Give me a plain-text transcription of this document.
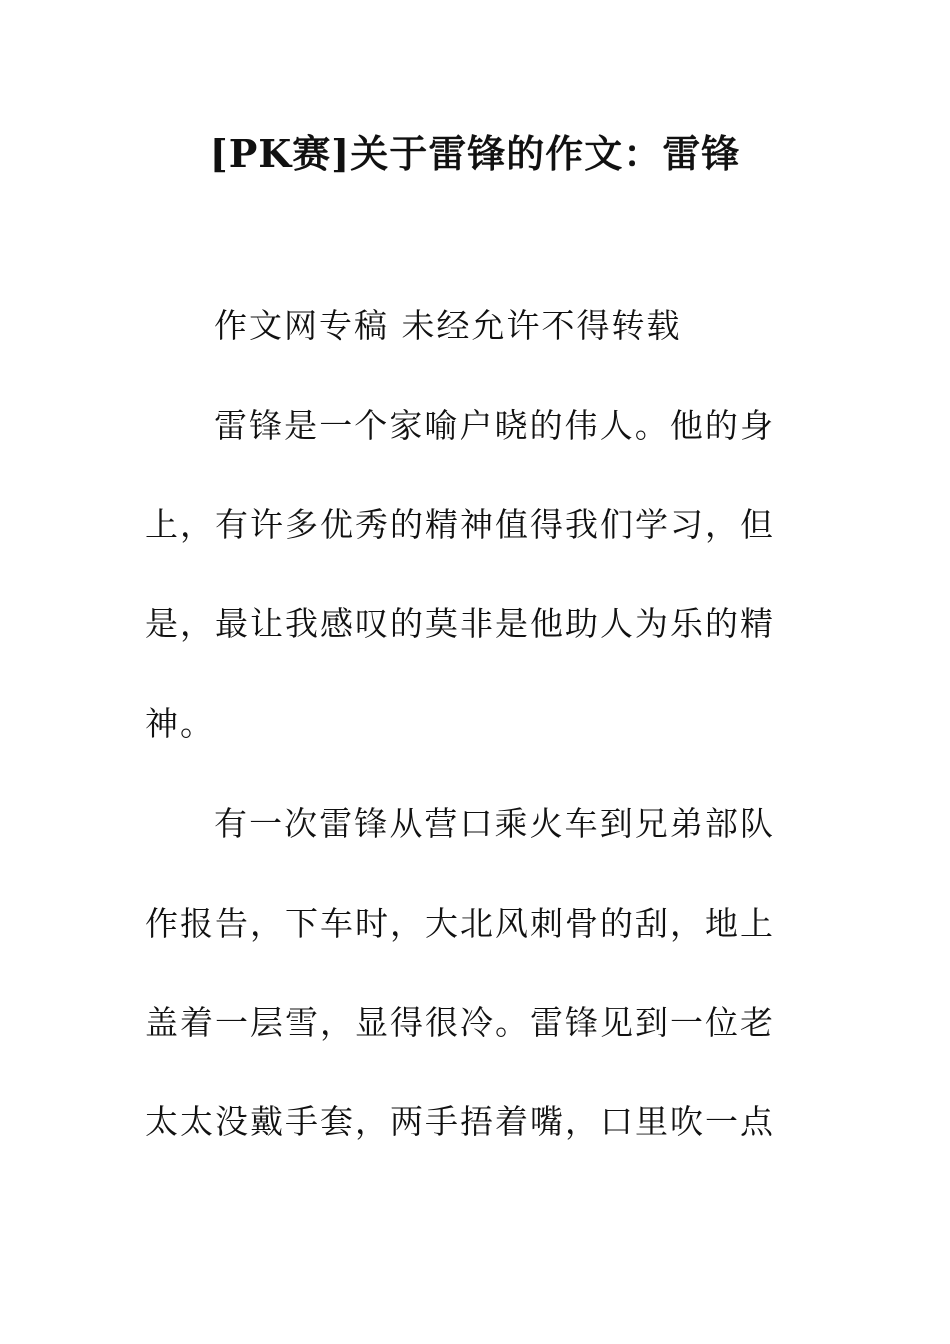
[PK赛]关于雷锋的作文：雷锋
作文网专稿 未经允许不得转载
雷锋是一个家喻户晓的伟人。他的身
上，有许多优秀的精神值得我们学习，但
是，最让我感叹的莫非是他助人为乐的精
神。
有一次雷锋从营口乘火车到兄弟部队
作报告，下车时，大北风刺骨的刮，地上
盖着一层雪，显得很冷。雷锋见到一位老
太太没戴手套，两手捂着嘴，口里吹一点
